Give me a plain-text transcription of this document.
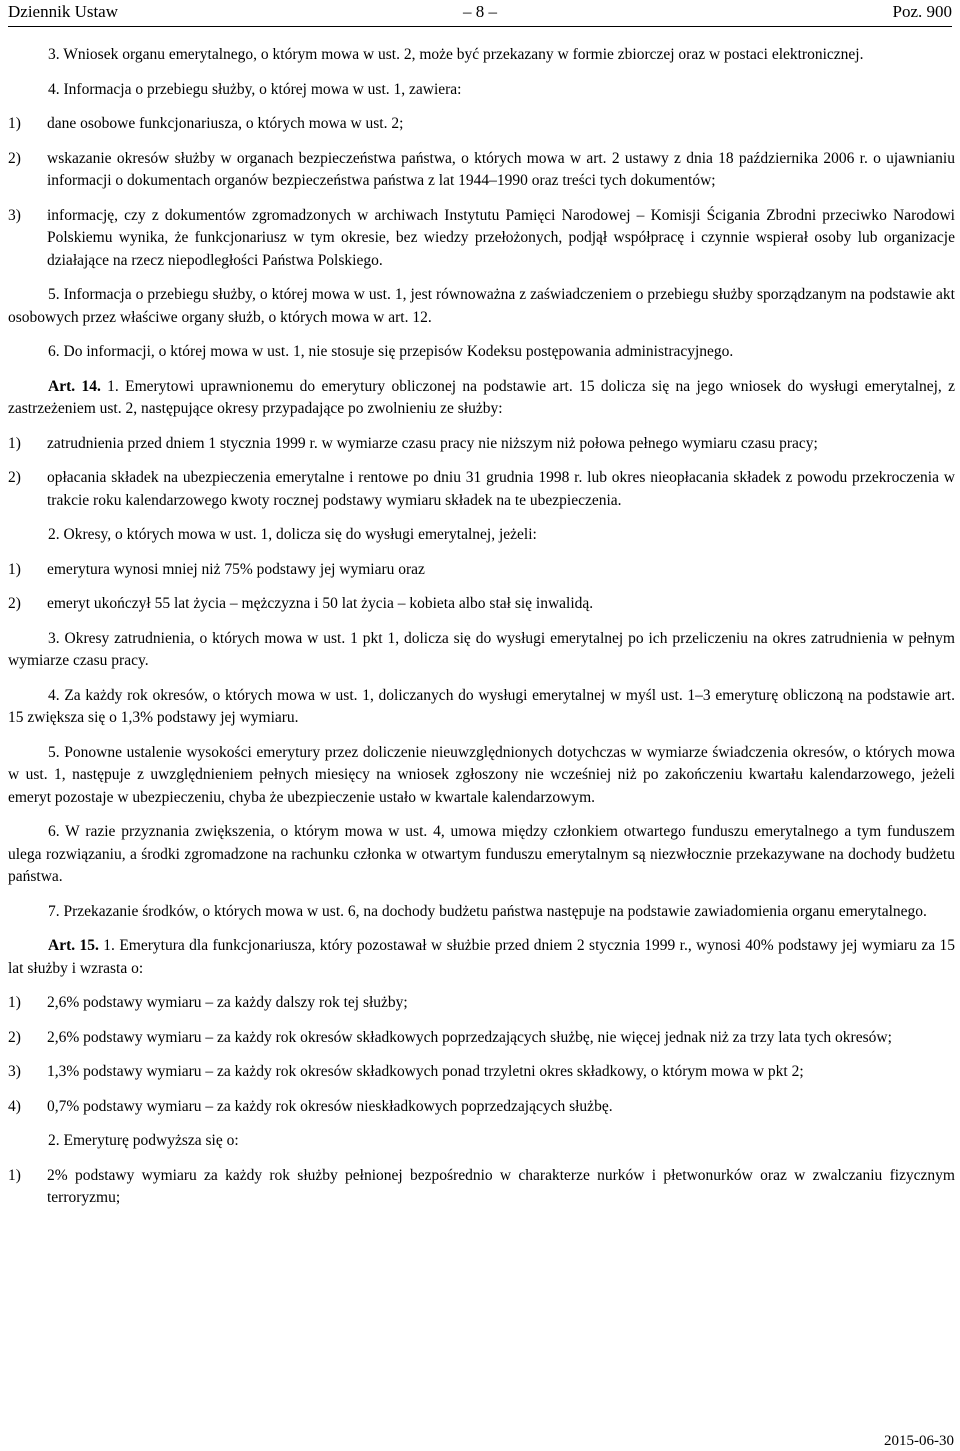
Dziennik Ustaw	– 8 –	Poz. 900

3. Wniosek organu emerytalnego, o którym mowa w ust. 2, może być przekazany w formie zbiorczej oraz w postaci elektronicznej.

4. Informacja o przebiegu służby, o której mowa w ust. 1, zawiera:

1) dane osobowe funkcjonariusza, o których mowa w ust. 2;
2) wskazanie okresów służby w organach bezpieczeństwa państwa, o których mowa w art. 2 ustawy z dnia 18 października 2006 r. o ujawnianiu informacji o dokumentach organów bezpieczeństwa państwa z lat 1944–1990 oraz treści tych dokumentów;
3) informację, czy z dokumentów zgromadzonych w archiwach Instytutu Pamięci Narodowej – Komisji Ścigania Zbrodni przeciwko Narodowi Polskiemu wynika, że funkcjonariusz w tym okresie, bez wiedzy przełożonych, podjął współpracę i czynnie wspierał osoby lub organizacje działające na rzecz niepodległości Państwa Polskiego.

5. Informacja o przebiegu służby, o której mowa w ust. 1, jest równoważna z zaświadczeniem o przebiegu służby sporządzanym na podstawie akt osobowych przez właściwe organy służb, o których mowa w art. 12.

6. Do informacji, o której mowa w ust. 1, nie stosuje się przepisów Kodeksu postępowania administracyjnego.

Art. 14. 1. Emerytowi uprawnionemu do emerytury obliczonej na podstawie art. 15 dolicza się na jego wniosek do wysługi emerytalnej, z zastrzeżeniem ust. 2, następujące okresy przypadające po zwolnieniu ze służby:

1) zatrudnienia przed dniem 1 stycznia 1999 r. w wymiarze czasu pracy nie niższym niż połowa pełnego wymiaru czasu pracy;
2) opłacania składek na ubezpieczenia emerytalne i rentowe po dniu 31 grudnia 1998 r. lub okres nieopłacania składek z powodu przekroczenia w trakcie roku kalendarzowego kwoty rocznej podstawy wymiaru składek na te ubezpieczenia.

2. Okresy, o których mowa w ust. 1, dolicza się do wysługi emerytalnej, jeżeli:

1) emerytura wynosi mniej niż 75% podstawy jej wymiaru oraz
2) emeryt ukończył 55 lat życia – mężczyzna i 50 lat życia – kobieta albo stał się inwalidą.

3. Okresy zatrudnienia, o których mowa w ust. 1 pkt 1, dolicza się do wysługi emerytalnej po ich przeliczeniu na okres zatrudnienia w pełnym wymiarze czasu pracy.

4. Za każdy rok okresów, o których mowa w ust. 1, doliczanych do wysługi emerytalnej w myśl ust. 1–3 emeryturę obliczoną na podstawie art. 15 zwiększa się o 1,3% podstawy jej wymiaru.

5. Ponowne ustalenie wysokości emerytury przez doliczenie nieuwzględnionych dotychczas w wymiarze świadczenia okresów, o których mowa w ust. 1, następuje z uwzględnieniem pełnych miesięcy na wniosek zgłoszony nie wcześniej niż po zakończeniu kwartału kalendarzowego, jeżeli emeryt pozostaje w ubezpieczeniu, chyba że ubezpieczenie ustało w kwartale kalendarzowym.

6. W razie przyznania zwiększenia, o którym mowa w ust. 4, umowa między członkiem otwartego funduszu emerytalnego a tym funduszem ulega rozwiązaniu, a środki zgromadzone na rachunku członka w otwartym funduszu emerytalnym są niezwłocznie przekazywane na dochody budżetu państwa.

7. Przekazanie środków, o których mowa w ust. 6, na dochody budżetu państwa następuje na podstawie zawiadomienia organu emerytalnego.

Art. 15. 1. Emerytura dla funkcjonariusza, który pozostawał w służbie przed dniem 2 stycznia 1999 r., wynosi 40% podstawy jej wymiaru za 15 lat służby i wzrasta o:

1) 2,6% podstawy wymiaru – za każdy dalszy rok tej służby;
2) 2,6% podstawy wymiaru – za każdy rok okresów składkowych poprzedzających służbę, nie więcej jednak niż za trzy lata tych okresów;
3) 1,3% podstawy wymiaru – za każdy rok okresów składkowych ponad trzyletni okres składkowy, o którym mowa w pkt 2;
4) 0,7% podstawy wymiaru – za każdy rok okresów nieskładkowych poprzedzających służbę.

2. Emeryturę podwyższa się o:

1) 2% podstawy wymiaru za każdy rok służby pełnionej bezpośrednio w charakterze nurków i płetwonurków oraz w zwalczaniu fizycznym terroryzmu;
2015-06-30
